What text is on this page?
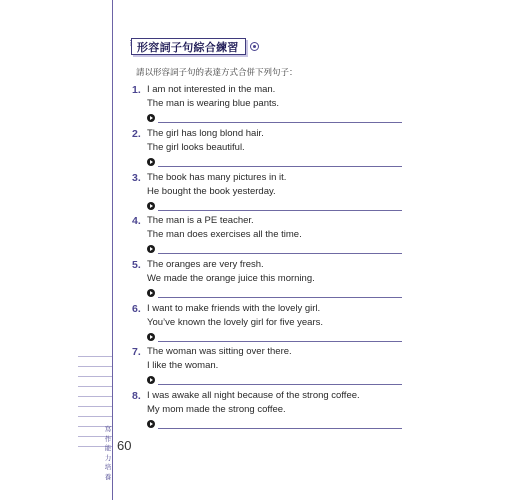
寫
作
能
力
培
養
60
⋮ 形容詞子句綜合練習
請以形容詞子句的表達方式合併下列句子：
1. I am not interested in the man.
The man is wearing blue pants.
2. The girl has long blond hair.
The girl looks beautiful.
3. The book has many pictures in it.
He bought the book yesterday.
4. The man is a PE teacher.
The man does exercises all the time.
5. The oranges are very fresh.
We made the orange juice this morning.
6. I want to make friends with the lovely girl.
You’ve known the lovely girl for five years.
7. The woman was sitting over there.
I like the woman.
8. I was awake all night because of the strong coffee.
My mom made the strong coffee.
